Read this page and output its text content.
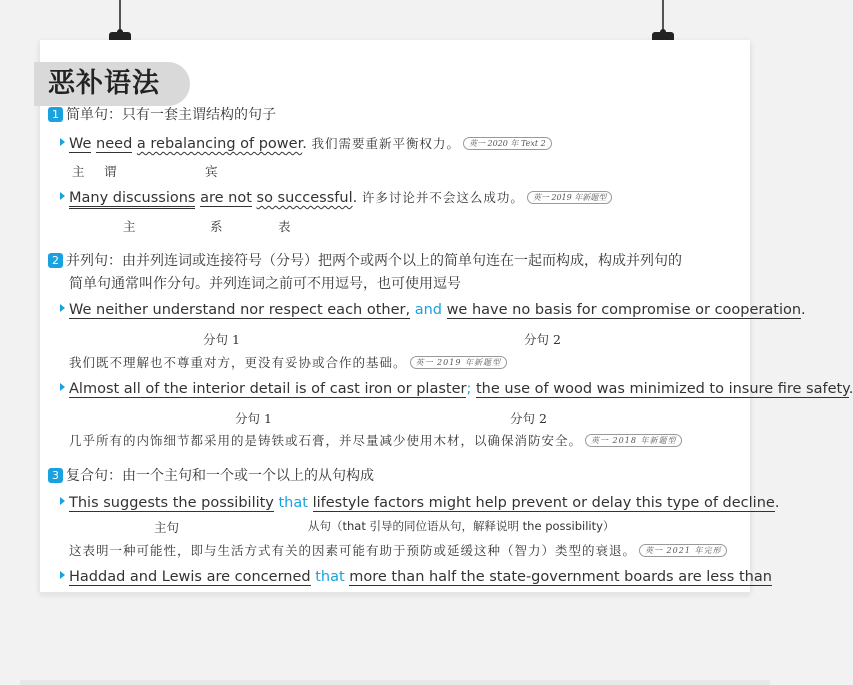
恶补语法
1 简单句：只有一套主谓结构的句子
We need a rebalancing of power. 我们需要重新平衡权力。 英一 2020 年 Text 2
主 谓	宾
Many discussions are not so successful. 许多讨论并不会这么成功。 英一 2019 年新题型
主	系	表
2 并列句：由并列连词或连接符号（分号）把两个或两个以上的简单句连在一起而构成，构成并列句的
简单句通常叫作分句。并列连词之前可不用逗号，也可使用逗号
We neither understand nor respect each other, and we have no basis for compromise or cooperation.
分句 1	分句 2
我们既不理解也不尊重对方，更没有妥协或合作的基础。 英一 2019 年新题型
Almost all of the interior detail is of cast iron or plaster; the use of wood was minimized to insure fire safety.
分句 1	分句 2
几乎所有的内饰细节都采用的是铸铁或石膏，并尽量减少使用木材，以确保消防安全。 英一 2018 年新题型
3 复合句：由一个主句和一个或一个以上的从句构成
This suggests the possibility that lifestyle factors might help prevent or delay this type of decline.
主句	从句（that 引导的同位语从句，解释说明 the possibility）
这表明一种可能性，即与生活方式有关的因素可能有助于预防或延缓这种（智力）类型的衰退。 英一 2021 年完形
Haddad and Lewis are concerned that more than half the state-government boards are less than
